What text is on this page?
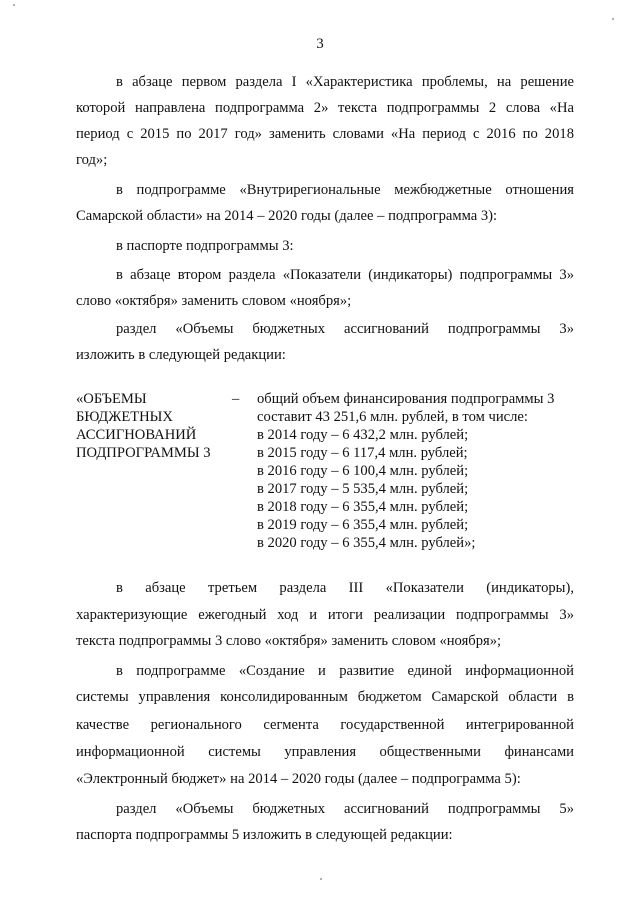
3
в абзаце первом раздела I «Характеристика проблемы, на решение
которой направлена подпрограмма 2» текста подпрограммы 2 слова «На
период с 2015 по 2017 год» заменить словами «На период с 2016 по 2018
год»;
в подпрограмме «Внутрирегиональные межбюджетные отношения
Самарской области» на 2014 – 2020 годы (далее – подпрограмма 3):
в паспорте подпрограммы 3:
в абзаце втором раздела «Показатели (индикаторы) подпрограммы 3»
слово «октября» заменить словом «ноября»;
раздел «Объемы бюджетных ассигнований подпрограммы 3»
изложить в следующей редакции:
«ОБЪЕМЫ
БЮДЖЕТНЫХ
АССИГНОВАНИЙ
ПОДПРОГРАММЫ 3
– общий объем финансирования подпрограммы 3
составит 43 251,6 млн. рублей, в том числе:
в 2014 году – 6 432,2 млн. рублей;
в 2015 году – 6 117,4 млн. рублей;
в 2016 году – 6 100,4 млн. рублей;
в 2017 году – 5 535,4 млн. рублей;
в 2018 году – 6 355,4 млн. рублей;
в 2019 году – 6 355,4 млн. рублей;
в 2020 году – 6 355,4 млн. рублей»;
в абзаце третьем раздела III «Показатели (индикаторы),
характеризующие ежегодный ход и итоги реализации подпрограммы 3»
текста подпрограммы 3 слово «октября» заменить словом «ноября»;
в подпрограмме «Создание и развитие единой информационной
системы управления консолидированным бюджетом Самарской области в
качестве регионального сегмента государственной интегрированной
информационной системы управления общественными финансами
«Электронный бюджет» на 2014 – 2020 годы (далее – подпрограмма 5):
раздел «Объемы бюджетных ассигнований подпрограммы 5»
паспорта подпрограммы 5 изложить в следующей редакции:
